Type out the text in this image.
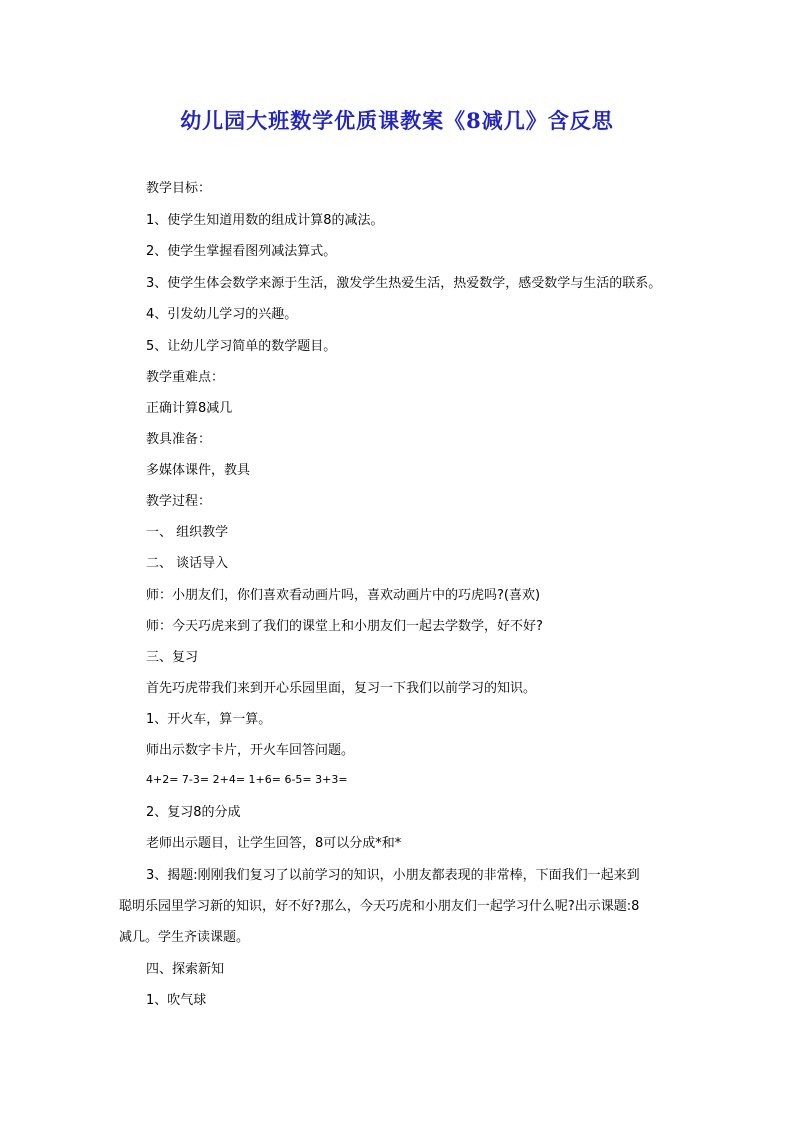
幼儿园大班数学优质课教案《8减几》含反思
教学目标：
1、使学生知道用数的组成计算8的减法。
2、使学生掌握看图列减法算式。
3、使学生体会数学来源于生活，激发学生热爱生活，热爱数学，感受数学与生活的联系。
4、引发幼儿学习的兴趣。
5、让幼儿学习简单的数学题目。
教学重难点：
正确计算8减几
教具准备：
多媒体课件，教具
教学过程：
一、 组织教学
二、 谈话导入
师：小朋友们，你们喜欢看动画片吗，喜欢动画片中的巧虎吗?(喜欢)
师：今天巧虎来到了我们的课堂上和小朋友们一起去学数学，好不好?
三、复习
首先巧虎带我们来到开心乐园里面，复习一下我们以前学习的知识。
1、开火车，算一算。
师出示数字卡片，开火车回答问题。
4+2= 7-3= 2+4= 1+6= 6-5= 3+3=
2、复习8的分成
老师出示题目，让学生回答，8可以分成*和*
3、揭题:刚刚我们复习了以前学习的知识，小朋友都表现的非常棒，下面我们一起来到
聪明乐园里学习新的知识，好不好?那么，今天巧虎和小朋友们一起学习什么呢?出示课题:8
减几。学生齐读课题。
四、探索新知
1、吹气球
